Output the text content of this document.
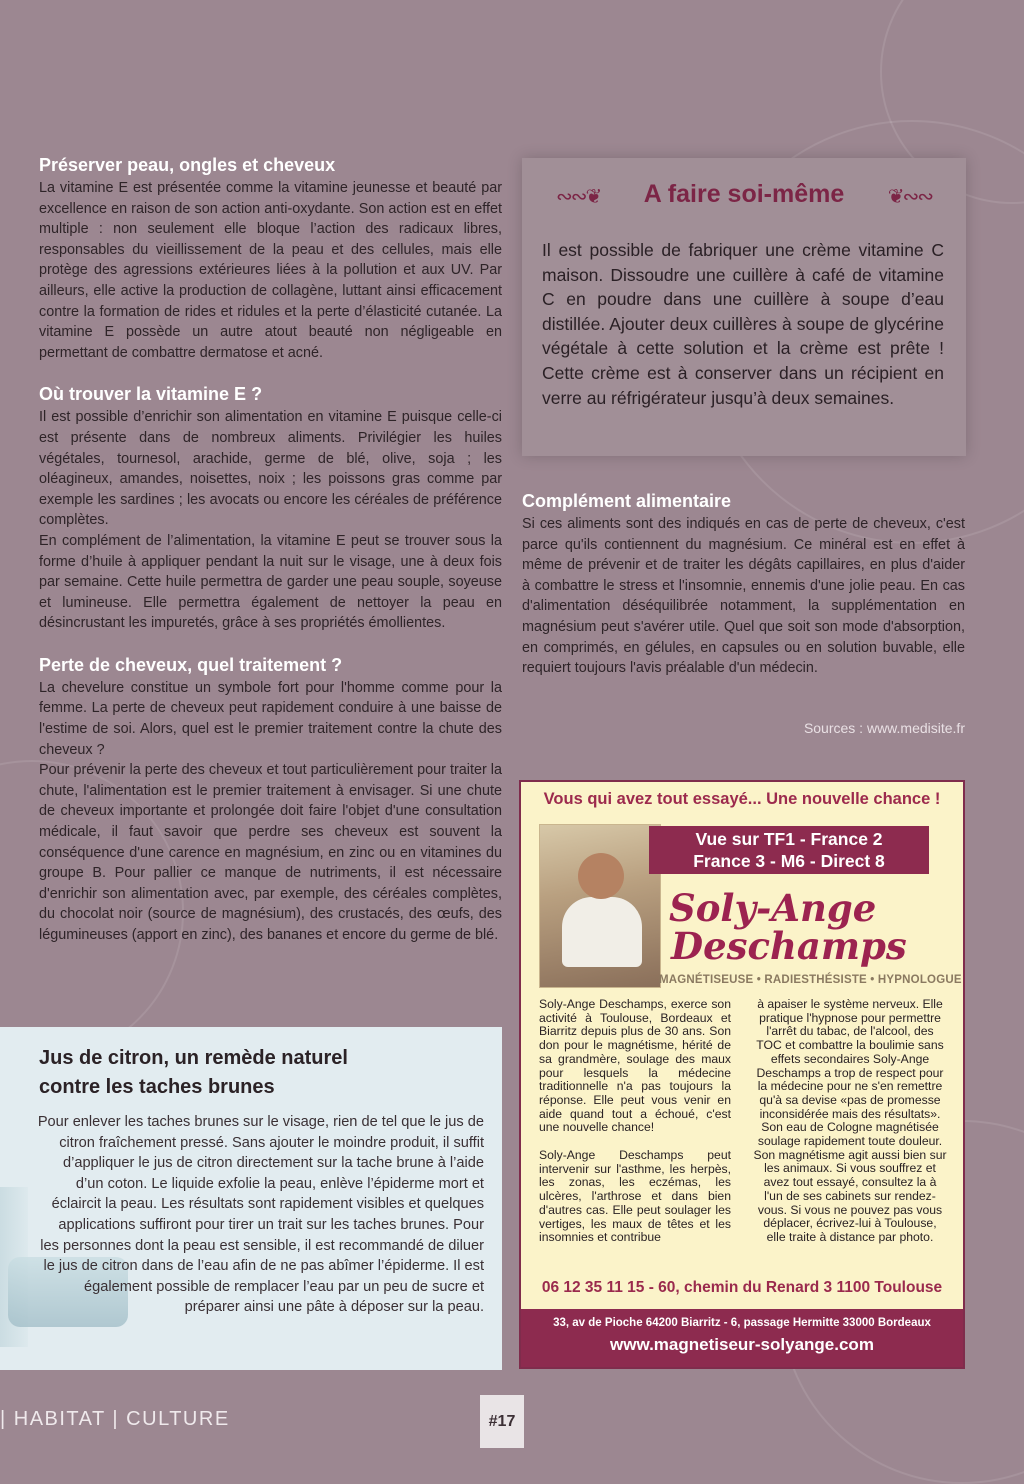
Préserver peau, ongles et cheveux

La vitamine E est présentée comme la vitamine jeunesse et beauté par excellence en raison de son action anti-oxydante. Son action est en effet multiple : non seulement elle bloque l’action des radicaux libres, responsables du vieillissement de la peau et des cellules, mais elle protège des agressions extérieures liées à la pollution et aux UV. Par ailleurs, elle active la production de collagène, luttant ainsi efficacement contre la formation de rides et ridules et la perte d’élasticité cutanée. La vitamine E possède un autre atout beauté non négligeable en permettant de combattre dermatose et acné.

Où trouver la vitamine E ?

Il est possible d’enrichir son alimentation en vitamine E puisque celle-ci est présente dans de nombreux aliments. Privilégier les huiles végétales, tournesol, arachide, germe de blé, olive, soja ; les oléagineux, amandes, noisettes, noix ; les poissons gras comme par exemple les sardines ; les avocats ou encore les céréales de préférence complètes.

En complément de l’alimentation, la vitamine E peut se trouver sous la forme d’huile à appliquer pendant la nuit sur le visage, une à deux fois par semaine. Cette huile permettra de garder une peau souple, soyeuse et lumineuse. Elle permettra également de nettoyer la peau en désincrustant les impuretés, grâce à ses propriétés émollientes.

Perte de cheveux, quel traitement ?

La chevelure constitue un symbole fort pour l'homme comme pour la femme. La perte de cheveux peut rapidement conduire à une baisse de l'estime de soi. Alors, quel est le premier traitement contre la chute des cheveux ?

Pour prévenir la perte des cheveux et tout particulièrement pour traiter la chute, l'alimentation est le premier traitement à envisager. Si une chute de cheveux importante et prolongée doit faire l'objet d'une consultation médicale, il faut savoir que perdre ses cheveux est souvent la conséquence d'une carence en magnésium, en zinc ou en vitamines du groupe B. Pour pallier ce manque de nutriments, il est nécessaire d'enrichir son alimentation avec, par exemple, des céréales complètes, du chocolat noir (source de magnésium), des crustacés, des œufs, des légumineuses (apport en zinc), des bananes et encore du germe de blé.

∾∾❦	A faire soi-même	❦∾∾
Il est possible de fabriquer une crème vitamine C maison. Dissoudre une cuillère à café de vitamine C en poudre dans une cuillère à soupe d’eau distillée. Ajouter deux cuillères à soupe de glycérine végétale à cette solution et la crème est prête ! Cette crème est à conserver dans un récipient en verre au réfrigérateur jusqu’à deux semaines.
Complément alimentaire

Si ces aliments sont des indiqués en cas de perte de cheveux, c'est parce qu'ils contiennent du magnésium. Ce minéral est en effet à même de prévenir et de traiter les dégâts capillaires, en plus d'aider à combattre le stress et l'insomnie, ennemis d'une jolie peau. En cas d'alimentation déséquilibrée notamment, la supplémentation en magnésium peut s'avérer utile. Quel que soit son mode d'absorption, en comprimés, en gélules, en capsules ou en solution buvable, elle requiert toujours l'avis préalable d'un médecin.

Sources : www.medisite.fr
Jus de citron, un remède naturel
contre les taches brunes
Pour enlever les taches brunes sur le visage, rien de tel que le jus de citron fraîchement pressé. Sans ajouter le moindre produit, il suffit d’appliquer le jus de citron directement sur la tache brune à l’aide d’un coton. Le liquide exfolie la peau, enlève l’épiderme mort et éclaircit la peau. Les résultats sont rapidement visibles et quelques applications suffiront pour tirer un trait sur les taches brunes. Pour les personnes dont la peau est sensible, il est recommandé de diluer le jus de citron dans de l’eau afin de ne pas abîmer l’épiderme. Il est également possible de remplacer l’eau par un peu de sucre et préparer ainsi une pâte à déposer sur la peau.
Vous qui avez tout essayé... Une nouvelle chance !
Vue sur TF1 - France 2
France 3 - M6 - Direct 8
Soly-Ange
Deschamps
MAGNÉTISEUSE • RADIESTHÉSISTE • HYPNOLOGUE

Soly-Ange Deschamps, exerce son activité à Toulouse, Bordeaux et Biarritz depuis plus de 30 ans. Son don pour le magnétisme, hérité de sa grandmère, soulage des maux pour lesquels la médecine traditionnelle n'a pas toujours la réponse. Elle peut vous venir en aide quand tout a échoué, c'est une nouvelle chance!

Soly-Ange Deschamps peut intervenir sur l'asthme, les herpès, les zonas, les eczémas, les ulcères, l'arthrose et dans bien d'autres cas. Elle peut soulager les vertiges, les maux de têtes et les insomnies et contribue

à apaiser le système nerveux. Elle pratique l'hypnose pour permettre l'arrêt du tabac, de l'alcool, des TOC et combattre la boulimie sans effets secondaires Soly-Ange Deschamps a trop de respect pour la médecine pour ne s'en remettre qu'à sa devise «pas de promesse inconsidérée mais des résultats». Son eau de Cologne magnétisée soulage rapidement toute douleur. Son magnétisme agit aussi bien sur les animaux. Si vous souffrez et avez tout essayé, consultez la à l'un de ses cabinets sur rendez-vous. Si vous ne pouvez pas vous déplacer, écrivez-lui à Toulouse, elle traite à distance par photo.

06 12 35 11 15 - 60, chemin du Renard 3 1100 Toulouse
33, av de Pioche 64200 Biarritz - 6, passage Hermitte 33000 Bordeaux
www.magnetiseur-solyange.com
| HABITAT | CULTURE	#17
